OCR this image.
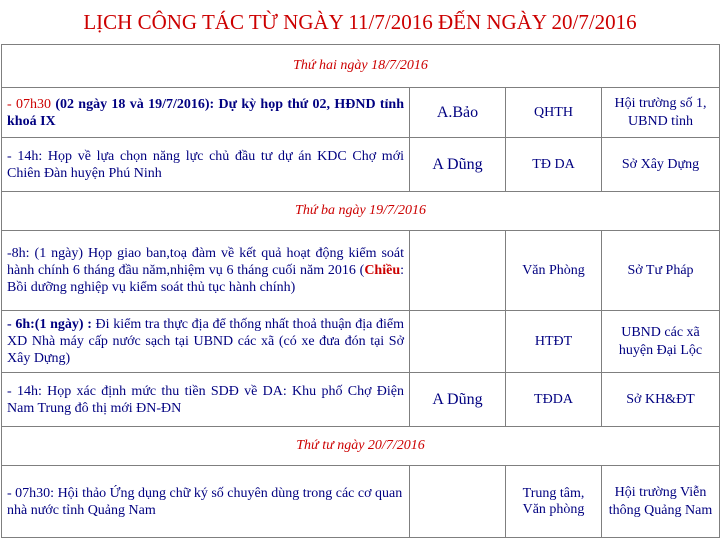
LỊCH CÔNG TÁC TỪ NGÀY 11/7/2016 ĐẾN NGÀY 20/7/2016
Thứ hai ngày 18/7/2016			
- 07h30 (02 ngày 18 và 19/7/2016): Dự kỳ họp thứ 02, HĐND tỉnh khoá IX	A.Bảo	QHTH	Hội trường số 1, UBND tỉnh
- 14h: Họp về lựa chọn năng lực chủ đầu tư dự án KDC Chợ mới Chiên Đàn huyện Phú Ninh	A Dũng	TĐ DA	Sở Xây Dựng
Thứ ba ngày 19/7/2016			
-8h: (1 ngày) Họp giao ban,toạ đàm về kết quả hoạt động kiểm soát hành chính 6 tháng đầu năm,nhiệm vụ 6 tháng cuối năm 2016 (Chiều: Bồi dưỡng nghiệp vụ kiểm soát thủ tục hành chính)		Văn Phòng	Sở Tư Pháp
- 6h:(1 ngày) : Đi kiểm tra thực địa để thống nhất thoả thuận địa điểm XD Nhà máy cấp nước sạch tại UBND các xã (có xe đưa đón tại Sở Xây Dựng)		HTĐT	UBND các xã huyện Đại Lộc
- 14h: Họp xác định mức thu tiền SDĐ về DA: Khu phố Chợ Điện Nam Trung đô thị mới ĐN-ĐN	A Dũng	TĐDA	Sở KH&ĐT
Thứ tư ngày 20/7/2016			
- 07h30: Hội thảo Ứng dụng chữ ký số chuyên dùng trong các cơ quan nhà nước tỉnh Quảng Nam		Trung tâm, Văn phòng	Hội trường Viễn thông Quảng Nam
